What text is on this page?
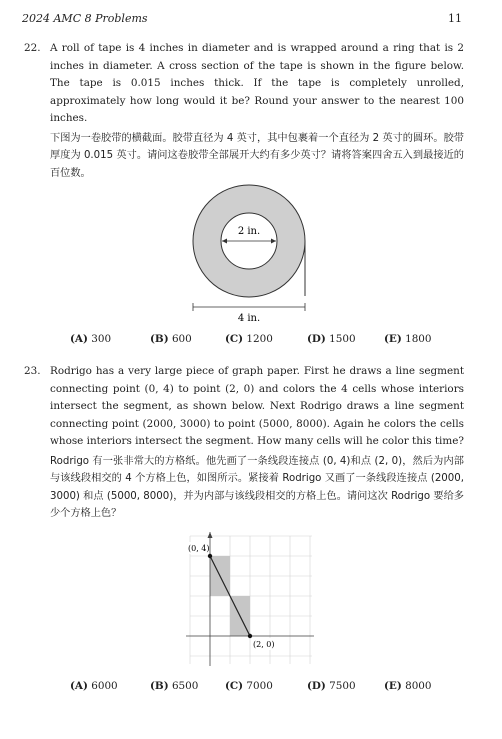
2024 AMC 8 Problems	11
22. A roll of tape is 4 inches in diameter and is wrapped around a ring that is 2 inches in diameter. A cross section of the tape is shown in the figure below. The tape is 0.015 inches thick. If the tape is completely unrolled, approximately how long would it be? Round your answer to the nearest 100 inches.
下图为一卷胶带的横截面。胶带直径为 4 英寸，其中包裹着一个直径为 2 英寸的圆环。胶带厚度为 0.015 英寸。请问这卷胶带全部展开大约有多少英寸？请将答案四舍五入到最接近的百位数。
2 in.
4 in.
(A) 300	(B) 600	(C) 1200	(D) 1500	(E) 1800
23. Rodrigo has a very large piece of graph paper. First he draws a line segment connecting point (0, 4) to point (2, 0) and colors the 4 cells whose interiors intersect the segment, as shown below. Next Rodrigo draws a line segment connecting point (2000, 3000) to point (5000, 8000). Again he colors the cells whose interiors intersect the segment. How many cells will he color this time?
Rodrigo 有一张非常大的方格纸。他先画了一条线段连接点 (0, 4)和点 (2, 0)，然后为内部与该线段相交的 4 个方格上色，如图所示。紧接着 Rodrigo 又画了一条线段连接点 (2000, 3000) 和点 (5000, 8000)，并为内部与该线段相交的方格上色。请问这次 Rodrigo 要给多少个方格上色？
(0, 4)
(2, 0)
(A) 6000	(B) 6500	(C) 7000	(D) 7500	(E) 8000
